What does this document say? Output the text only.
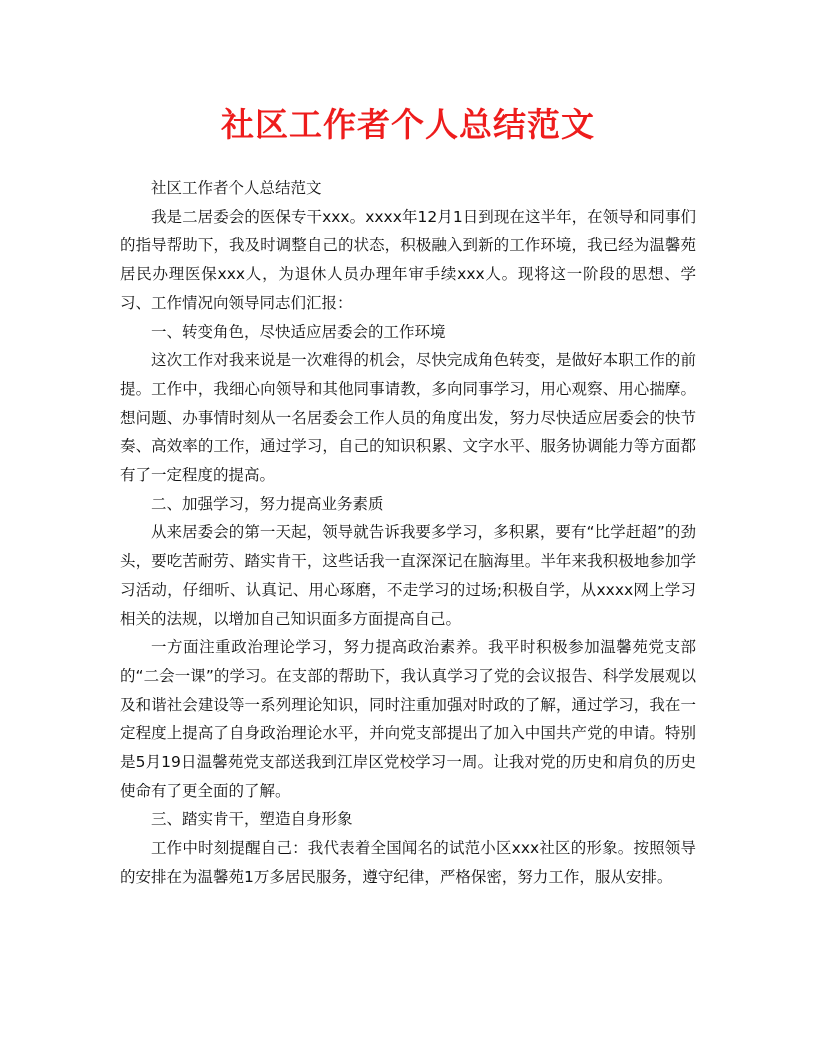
社区工作者个人总结范文

社区工作者个人总结范文

我是二居委会的医保专干xxx。xxxx年12月1日到现在这半年，在领导和同事们的指导帮助下，我及时调整自己的状态，积极融入到新的工作环境，我已经为温馨苑居民办理医保xxx人，为退休人员办理年审手续xxx人。现将这一阶段的思想、学习、工作情况向领导同志们汇报：

一、转变角色，尽快适应居委会的工作环境

这次工作对我来说是一次难得的机会，尽快完成角色转变，是做好本职工作的前提。工作中，我细心向领导和其他同事请教，多向同事学习，用心观察、用心揣摩。想问题、办事情时刻从一名居委会工作人员的角度出发，努力尽快适应居委会的快节奏、高效率的工作，通过学习，自己的知识积累、文字水平、服务协调能力等方面都有了一定程度的提高。

二、加强学习，努力提高业务素质

从来居委会的第一天起，领导就告诉我要多学习，多积累，要有“比学赶超”的劲头，要吃苦耐劳、踏实肯干，这些话我一直深深记在脑海里。半年来我积极地参加学习活动，仔细听、认真记、用心琢磨，不走学习的过场;积极自学，从xxxx网上学习相关的法规，以增加自己知识面多方面提高自己。

一方面注重政治理论学习，努力提高政治素养。我平时积极参加温馨苑党支部的“二会一课”的学习。在支部的帮助下，我认真学习了党的会议报告、科学发展观以及和谐社会建设等一系列理论知识，同时注重加强对时政的了解，通过学习，我在一定程度上提高了自身政治理论水平，并向党支部提出了加入中国共产党的申请。特别是5月19日温馨苑党支部送我到江岸区党校学习一周。让我对党的历史和肩负的历史使命有了更全面的了解。

三、踏实肯干，塑造自身形象

工作中时刻提醒自己：我代表着全国闻名的试范小区xxx社区的形象。按照领导的安排在为温馨苑1万多居民服务，遵守纪律，严格保密，努力工作，服从安排。
